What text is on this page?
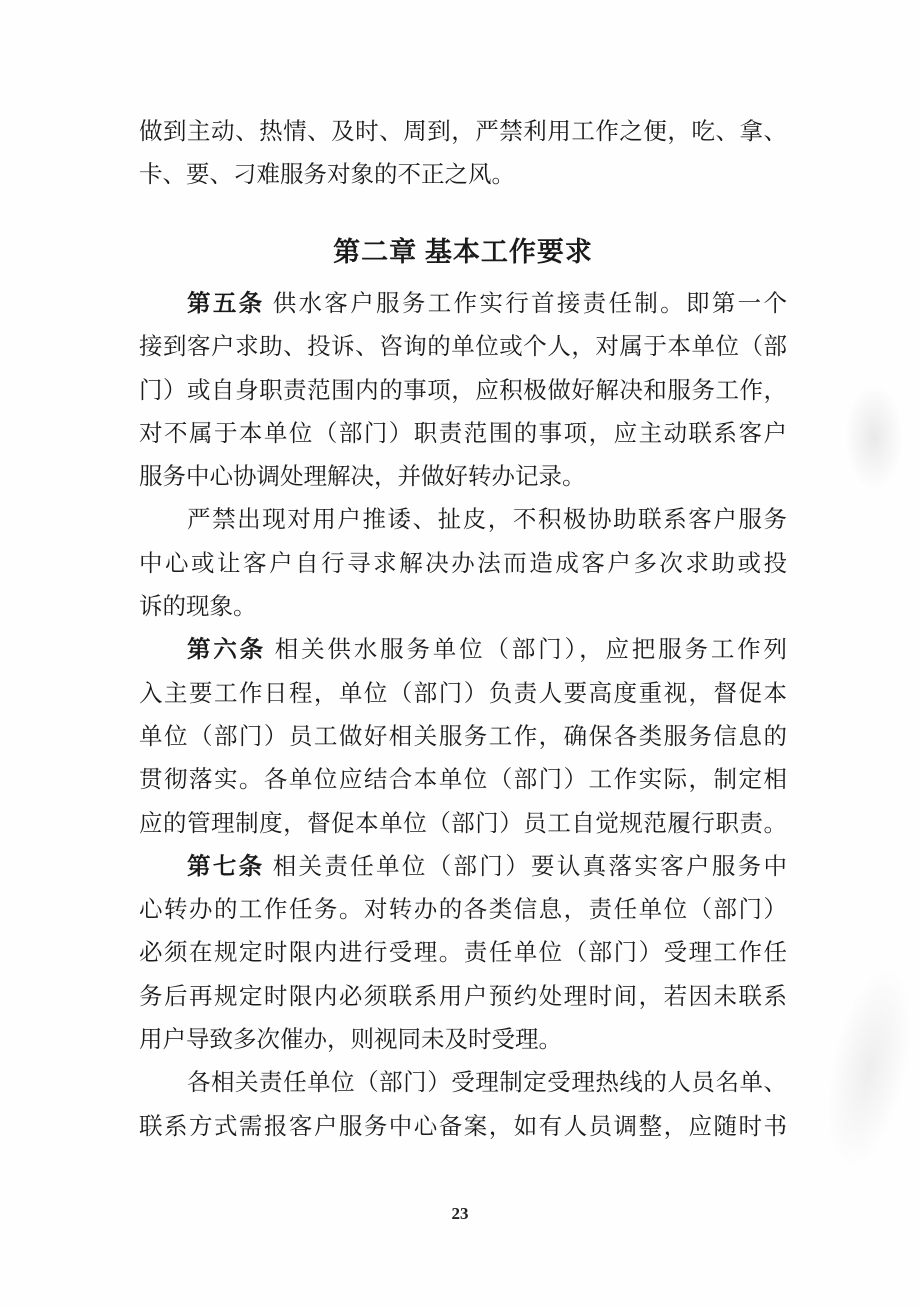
做到主动、热情、及时、周到，严禁利用工作之便，吃、拿、
卡、要、刁难服务对象的不正之风。
第二章 基本工作要求
第五条 供水客户服务工作实行首接责任制。即第一个
接到客户求助、投诉、咨询的单位或个人，对属于本单位（部
门）或自身职责范围内的事项，应积极做好解决和服务工作，
对不属于本单位（部门）职责范围的事项，应主动联系客户
服务中心协调处理解决，并做好转办记录。
严禁出现对用户推诿、扯皮，不积极协助联系客户服务
中心或让客户自行寻求解决办法而造成客户多次求助或投
诉的现象。
第六条 相关供水服务单位（部门），应把服务工作列
入主要工作日程，单位（部门）负责人要高度重视，督促本
单位（部门）员工做好相关服务工作，确保各类服务信息的
贯彻落实。各单位应结合本单位（部门）工作实际，制定相
应的管理制度，督促本单位（部门）员工自觉规范履行职责。
第七条 相关责任单位（部门）要认真落实客户服务中
心转办的工作任务。对转办的各类信息，责任单位（部门）
必须在规定时限内进行受理。责任单位（部门）受理工作任
务后再规定时限内必须联系用户预约处理时间，若因未联系
用户导致多次催办，则视同未及时受理。
各相关责任单位（部门）受理制定受理热线的人员名单、
联系方式需报客户服务中心备案，如有人员调整，应随时书
23
